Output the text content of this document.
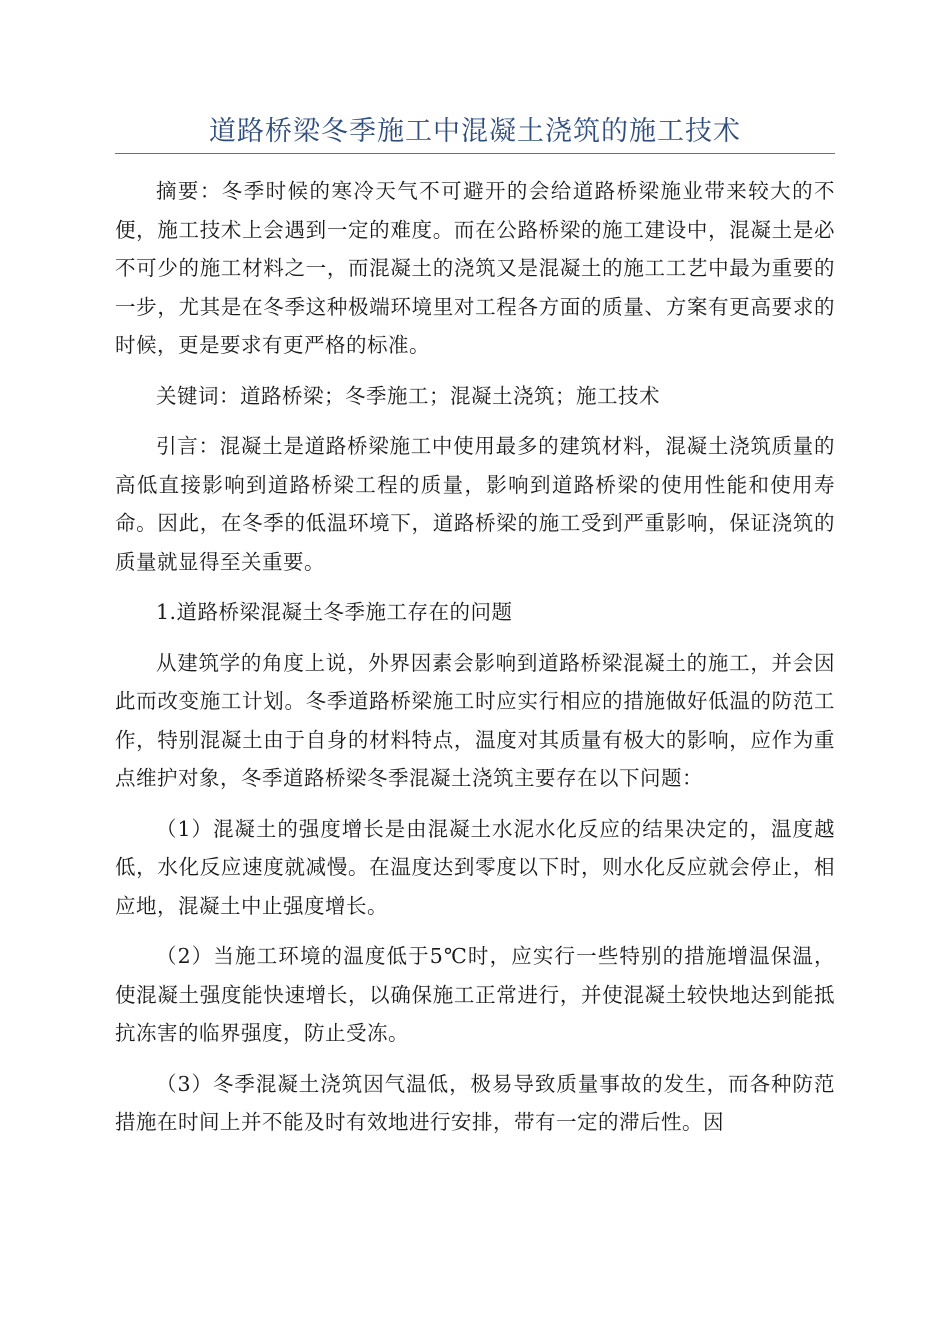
道路桥梁冬季施工中混凝土浇筑的施工技术

摘要：冬季时候的寒冷天气不可避开的会给道路桥梁施业带来较大的不便，施工技术上会遇到一定的难度。而在公路桥梁的施工建设中，混凝土是必不可少的施工材料之一，而混凝土的浇筑又是混凝土的施工工艺中最为重要的一步，尤其是在冬季这种极端环境里对工程各方面的质量、方案有更高要求的时候，更是要求有更严格的标准。

关键词：道路桥梁；冬季施工；混凝土浇筑；施工技术

引言：混凝土是道路桥梁施工中使用最多的建筑材料，混凝土浇筑质量的高低直接影响到道路桥梁工程的质量，影响到道路桥梁的使用性能和使用寿命。因此，在冬季的低温环境下，道路桥梁的施工受到严重影响，保证浇筑的质量就显得至关重要。

1.道路桥梁混凝土冬季施工存在的问题

从建筑学的角度上说，外界因素会影响到道路桥梁混凝土的施工，并会因此而改变施工计划。冬季道路桥梁施工时应实行相应的措施做好低温的防范工作，特别混凝土由于自身的材料特点，温度对其质量有极大的影响，应作为重点维护对象，冬季道路桥梁冬季混凝土浇筑主要存在以下问题：

（1）混凝土的强度增长是由混凝土水泥水化反应的结果决定的，温度越低，水化反应速度就减慢。在温度达到零度以下时，则水化反应就会停止，相应地，混凝土中止强度增长。

（2）当施工环境的温度低于5℃时，应实行一些特别的措施增温保温，使混凝土强度能快速增长，以确保施工正常进行，并使混凝土较快地达到能抵抗冻害的临界强度，防止受冻。

（3）冬季混凝土浇筑因气温低，极易导致质量事故的发生，而各种防范措施在时间上并不能及时有效地进行安排，带有一定的滞后性。因
